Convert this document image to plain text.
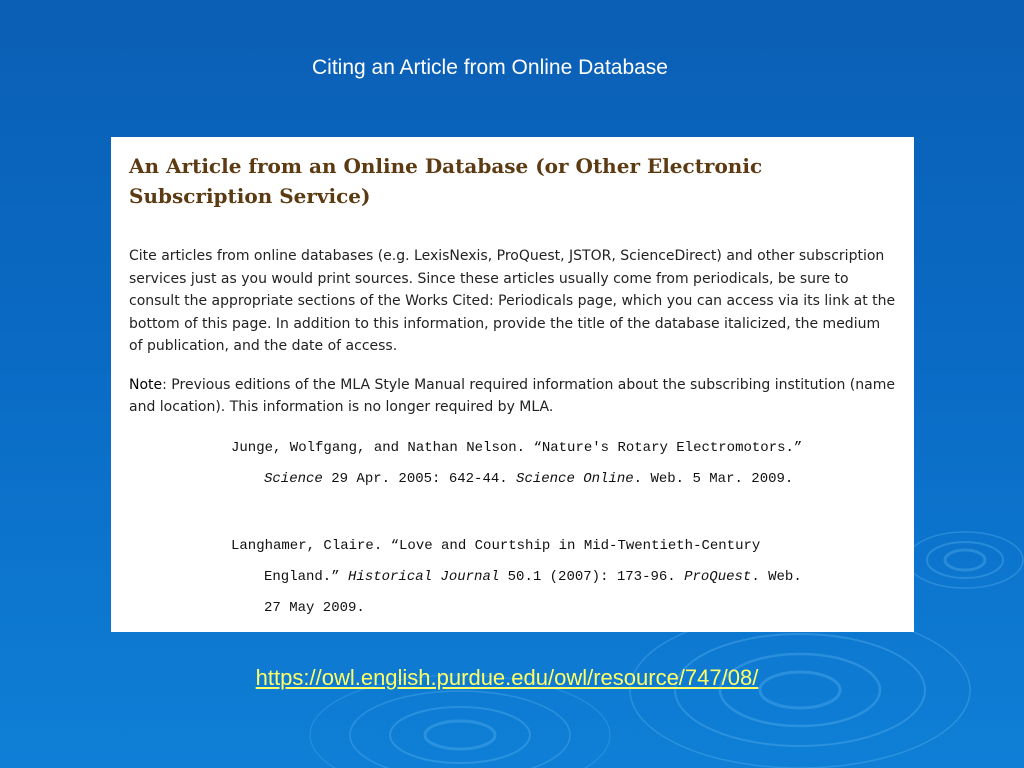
Citing an Article from Online Database
An Article from an Online Database (or Other Electronic Subscription Service)

Cite articles from online databases (e.g. LexisNexis, ProQuest, JSTOR, ScienceDirect) and other subscription services just as you would print sources. Since these articles usually come from periodicals, be sure to consult the appropriate sections of the Works Cited: Periodicals page, which you can access via its link at the bottom of this page. In addition to this information, provide the title of the database italicized, the medium of publication, and the date of access.

Note: Previous editions of the MLA Style Manual required information about the subscribing institution (name and location). This information is no longer required by MLA.

Junge, Wolfgang, and Nathan Nelson. “Nature's Rotary Electromotors.”
Science 29 Apr. 2005: 642-44. Science Online. Web. 5 Mar. 2009.
Langhamer, Claire. “Love and Courtship in Mid-Twentieth-Century
England.” Historical Journal 50.1 (2007): 173-96. ProQuest. Web.
27 May 2009.
https://owl.english.purdue.edu/owl/resource/747/08/
